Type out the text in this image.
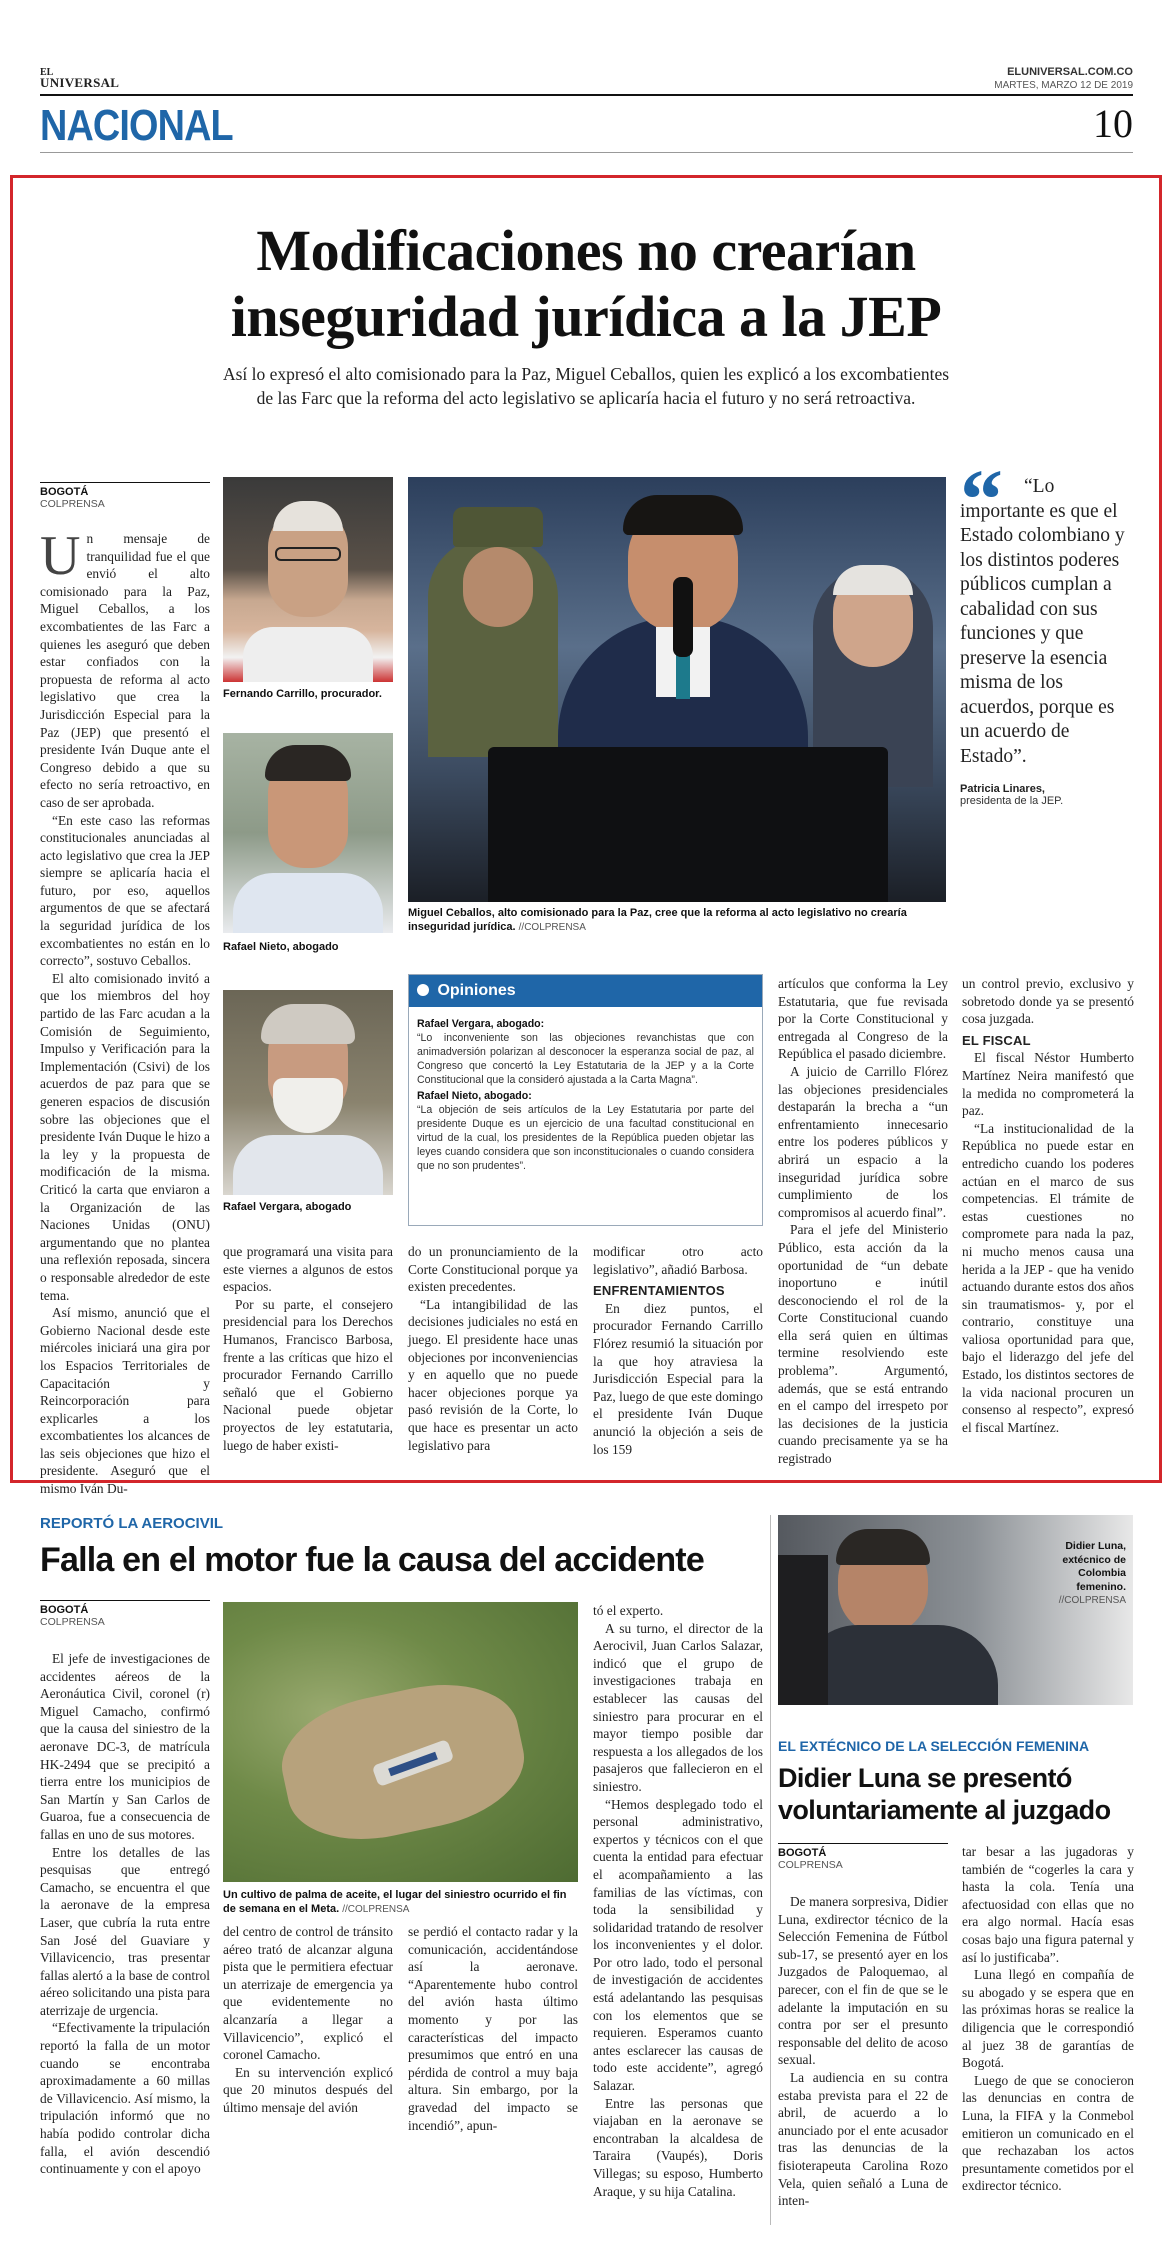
EL
UNIVERSAL
ELUNIVERSAL.COM.CO
MARTES, MARZO 12 DE 2019
NACIONAL	10
Modificaciones no crearían
inseguridad jurídica a la JEP
Así lo expresó el alto comisionado para la Paz, Miguel Ceballos, quien les explicó a los excombatientes
de las Farc que la reforma del acto legislativo se aplicaría hacia el futuro y no será retroactiva.
BOGOTÁ
COLPRENSA

Un mensaje de tranquilidad fue el que envió el alto comisionado para la Paz, Miguel Ceballos, a los excombatientes de las Farc a quienes les aseguró que deben estar confiados con la propuesta de reforma al acto legislativo que crea la Jurisdicción Especial para la Paz (JEP) que presentó el presidente Iván Duque ante el Congreso debido a que su efecto no sería retroactivo, en caso de ser aprobada.

“En este caso las reformas constitucionales anunciadas al acto legislativo que crea la JEP siempre se aplicaría hacia el futuro, por eso, aquellos argumentos de que se afectará la seguridad jurídica de los excombatientes no están en lo correcto”, sostuvo Ceballos.

El alto comisionado invitó a que los miembros del hoy partido de las Farc acudan a la Comisión de Seguimiento, Impulso y Verificación para la Implementación (Csivi) de los acuerdos de paz para que se generen espacios de discusión sobre las objeciones que el presidente Iván Duque le hizo a la ley y la propuesta de modificación de la misma. Criticó la carta que enviaron a la Organización de las Naciones Unidas (ONU) argumentando que no plantea una reflexión reposada, sincera o responsable alrededor de este tema.

Así mismo, anunció que el Gobierno Nacional desde este miércoles iniciará una gira por los Espacios Territoriales de Capacitación y Reincorporación para explicarles a los excombatientes los alcances de las seis objeciones que hizo el presidente. Aseguró que el mismo Iván Du-

Fernando Carrillo, procurador.
Rafael Nieto, abogado
Rafael Vergara, abogado
Miguel Ceballos, alto comisionado para la Paz, cree que la reforma al acto legislativo no crearía inseguridad jurídica. //COLPRENSA
“	“Lo importante es que el Estado colombiano y los distintos poderes públicos cumplan a cabalidad con sus funciones y que preserve la esencia misma de los acuerdos, porque es un acuerdo de Estado”.
Patricia Linares,
presidenta de la JEP.
Opiniones
Rafael Vergara, abogado:
“Lo inconveniente son las objeciones revanchistas que con animadversión polarizan al desconocer la esperanza social de paz, al Congreso que concertó la Ley Estatutaria de la JEP y a la Corte Constitucional que la consideró ajustada a la Carta Magna”.
Rafael Nieto, abogado:
“La objeción de seis artículos de la Ley Estatutaria por parte del presidente Duque es un ejercicio de una facultad constitucional en virtud de la cual, los presidentes de la República pueden objetar las leyes cuando considera que son inconstitucionales o cuando considera que no son prudentes”.

que programará una visita para este viernes a algunos de estos espacios.

Por su parte, el consejero presidencial para los Derechos Humanos, Francisco Barbosa, frente a las críticas que hizo el procurador Fernando Carrillo señaló que el Gobierno Nacional puede objetar proyectos de ley estatutaria, luego de haber existi-

do un pronunciamiento de la Corte Constitucional porque ya existen precedentes.

“La intangibilidad de las decisiones judiciales no está en juego. El presidente hace unas objeciones por inconveniencias y en aquello que no puede hacer objeciones porque ya pasó revisión de la Corte, lo que hace es presentar un acto legislativo para

modificar otro acto legislativo”, añadió Barbosa.

ENFRENTAMIENTOS

En diez puntos, el procurador Fernando Carrillo Flórez resumió la situación por la que hoy atraviesa la Jurisdicción Especial para la Paz, luego de que este domingo el presidente Iván Duque anunció la objeción a seis de los 159

artículos que conforma la Ley Estatutaria, que fue revisada por la Corte Constitucional y entregada al Congreso de la República el pasado diciembre.

A juicio de Carrillo Flórez las objeciones presidenciales destaparán la brecha a “un enfrentamiento innecesario entre los poderes públicos y abrirá un espacio a la inseguridad jurídica sobre cumplimiento de los compromisos al acuerdo final”.

Para el jefe del Ministerio Público, esta acción da la oportunidad de “un debate inoportuno e inútil desconociendo el rol de la Corte Constitucional cuando ella será quien en últimas termine resolviendo este problema”. Argumentó, además, que se está entrando en el campo del irrespeto por las decisiones de la justicia cuando precisamente ya se ha registrado

un control previo, exclusivo y sobretodo donde ya se presentó cosa juzgada.

EL FISCAL

El fiscal Néstor Humberto Martínez Neira manifestó que la medida no comprometerá la paz.

“La institucionalidad de la República no puede estar en entredicho cuando los poderes actúan en el marco de sus competencias. El trámite de estas cuestiones no compromete para nada la paz, ni mucho menos causa una herida a la JEP - que ha venido actuando durante estos dos años sin traumatismos- y, por el contrario, constituye una valiosa oportunidad para que, bajo el liderazgo del jefe del Estado, los distintos sectores de la vida nacional procuren un consenso al respecto”, expresó el fiscal Martínez.

REPORTÓ LA AEROCIVIL
Falla en el motor fue la causa del accidente
BOGOTÁ
COLPRENSA

El jefe de investigaciones de accidentes aéreos de la Aeronáutica Civil, coronel (r) Miguel Camacho, confirmó que la causa del siniestro de la aeronave DC-3, de matrícula HK-2494 que se precipitó a tierra entre los municipios de San Martín y San Carlos de Guaroa, fue a consecuencia de fallas en uno de sus motores.

Entre los detalles de las pesquisas que entregó Camacho, se encuentra el que la aeronave de la empresa Laser, que cubría la ruta entre San José del Guaviare y Villavicencio, tras presentar fallas alertó a la base de control aéreo solicitando una pista para aterrizaje de urgencia.

“Efectivamente la tripulación reportó la falla de un motor cuando se encontraba aproximadamente a 60 millas de Villavicencio. Así mismo, la tripulación informó que no había podido controlar dicha falla, el avión descendió continuamente y con el apoyo

Un cultivo de palma de aceite, el lugar del siniestro ocurrido el fin de semana en el Meta. //COLPRENSA

del centro de control de tránsito aéreo trató de alcanzar alguna pista que le permitiera efectuar un aterrizaje de emergencia ya que evidentemente no alcanzaría a llegar a Villavicencio”, explicó el coronel Camacho.

En su intervención explicó que 20 minutos después del último mensaje del avión

se perdió el contacto radar y la comunicación, accidentándose así la aeronave. “Aparentemente hubo control del avión hasta último momento y por las características del impacto presumimos que entró en una pérdida de control a muy baja altura. Sin embargo, por la gravedad del impacto se incendió”, apun-

tó el experto.

A su turno, el director de la Aerocivil, Juan Carlos Salazar, indicó que el grupo de investigaciones trabaja en establecer las causas del siniestro para procurar en el mayor tiempo posible dar respuesta a los allegados de los pasajeros que fallecieron en el siniestro.

“Hemos desplegado todo el personal administrativo, expertos y técnicos con el que cuenta la entidad para efectuar el acompañamiento a las familias de las víctimas, con toda la sensibilidad y solidaridad tratando de resolver los inconvenientes y el dolor. Por otro lado, todo el personal de investigación de accidentes está adelantando las pesquisas con los elementos que se requieren. Esperamos cuanto antes esclarecer las causas de todo este accidente”, agregó Salazar.

Entre las personas que viajaban en la aeronave se encontraban la alcaldesa de Taraira (Vaupés), Doris Villegas; su esposo, Humberto Araque, y su hija Catalina.

Didier Luna, extécnico de Colombia femenino. //COLPRENSA
EL EXTÉCNICO DE LA SELECCIÓN FEMENINA
Didier Luna se presentó
voluntariamente al juzgado
BOGOTÁ
COLPRENSA

De manera sorpresiva, Didier Luna, exdirector técnico de la Selección Femenina de Fútbol sub-17, se presentó ayer en los Juzgados de Paloquemao, al parecer, con el fin de que se le adelante la imputación en su contra por ser el presunto responsable del delito de acoso sexual.

La audiencia en su contra estaba prevista para el 22 de abril, de acuerdo a lo anunciado por el ente acusador tras las denuncias de la fisioterapeuta Carolina Rozo Vela, quien señaló a Luna de inten-

tar besar a las jugadoras y también de “cogerles la cara y hasta la cola. Tenía una afectuosidad con ellas que no era algo normal. Hacía esas cosas bajo una figura paternal y así lo justificaba”.

Luna llegó en compañía de su abogado y se espera que en las próximas horas se realice la diligencia que le correspondió al juez 38 de garantías de Bogotá.

Luego de que se conocieron las denuncias en contra de Luna, la FIFA y la Conmebol emitieron un comunicado en el que rechazaban los actos presuntamente cometidos por el exdirector técnico.
